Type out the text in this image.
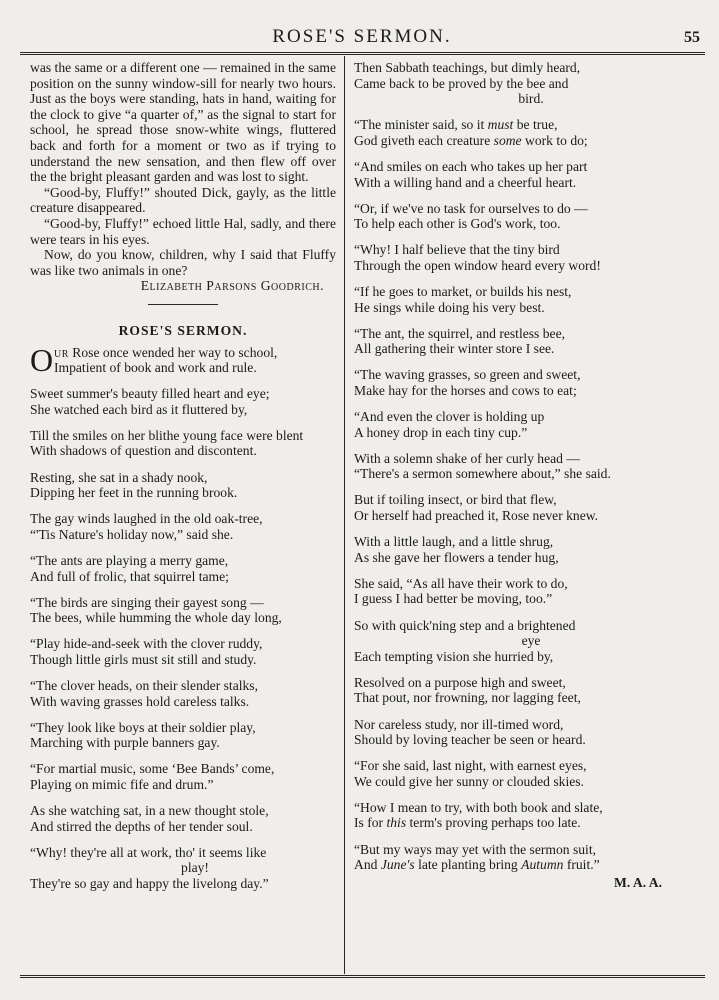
ROSE'S SERMON.	55

was the same or a different one — remained in the same position on the sunny window-sill for nearly two hours. Just as the boys were standing, hats in hand, waiting for the clock to give “a quarter of,” as the signal to start for school, he spread those snow-white wings, fluttered back and forth for a moment or two as if trying to understand the new sensation, and then flew off over the the bright pleasant garden and was lost to sight.

“Good-by, Fluffy!” shouted Dick, gayly, as the little creature disappeared.

“Good-by, Fluffy!” echoed little Hal, sadly, and there were tears in his eyes.

Now, do you know, children, why I said that Fluffy was like two animals in one?

Elizabeth Parsons Goodrich.

ROSE'S SERMON.
O ur Rose once wended her way to school,
Impatient of book and work and rule.
Sweet summer's beauty filled heart and eye;
She watched each bird as it fluttered by,
Till the smiles on her blithe young face were blent
With shadows of question and discontent.
Resting, she sat in a shady nook,
Dipping her feet in the running brook.
The gay winds laughed in the old oak-tree,
“'Tis Nature's holiday now,” said she.
“The ants are playing a merry game,
And full of frolic, that squirrel tame;
“The birds are singing their gayest song —
The bees, while humming the whole day long,
“Play hide-and-seek with the clover ruddy,
Though little girls must sit still and study.
“The clover heads, on their slender stalks,
With waving grasses hold careless talks.
“They look like boys at their soldier play,
Marching with purple banners gay.
“For martial music, some ‘Bee Bands’ come,
Playing on mimic fife and drum.”
As she watching sat, in a new thought stole,
And stirred the depths of her tender soul.
“Why! they're all at work, tho' it seems like
play!
They're so gay and happy the livelong day.”
Then Sabbath teachings, but dimly heard,
Came back to be proved by the bee and
bird.
“The minister said, so it must be true,
God giveth each creature some work to do;
“And smiles on each who takes up her part
With a willing hand and a cheerful heart.
“Or, if we've no task for ourselves to do —
To help each other is God's work, too.
“Why! I half believe that the tiny bird
Through the open window heard every word!
“If he goes to market, or builds his nest,
He sings while doing his very best.
“The ant, the squirrel, and restless bee,
All gathering their winter store I see.
“The waving grasses, so green and sweet,
Make hay for the horses and cows to eat;
“And even the clover is holding up
A honey drop in each tiny cup.”
With a solemn shake of her curly head —
“There's a sermon somewhere about,” she said.
But if toiling insect, or bird that flew,
Or herself had preached it, Rose never knew.
With a little laugh, and a little shrug,
As she gave her flowers a tender hug,
She said, “As all have their work to do,
I guess I had better be moving, too.”
So with quick'ning step and a brightened
eye
Each tempting vision she hurried by,
Resolved on a purpose high and sweet,
That pout, nor frowning, nor lagging feet,
Nor careless study, nor ill-timed word,
Should by loving teacher be seen or heard.
“For she said, last night, with earnest eyes,
We could give her sunny or clouded skies.
“How I mean to try, with both book and slate,
Is for this term's proving perhaps too late.
“But my ways may yet with the sermon suit,
And June's late planting bring Autumn fruit.”

M. A. A.
